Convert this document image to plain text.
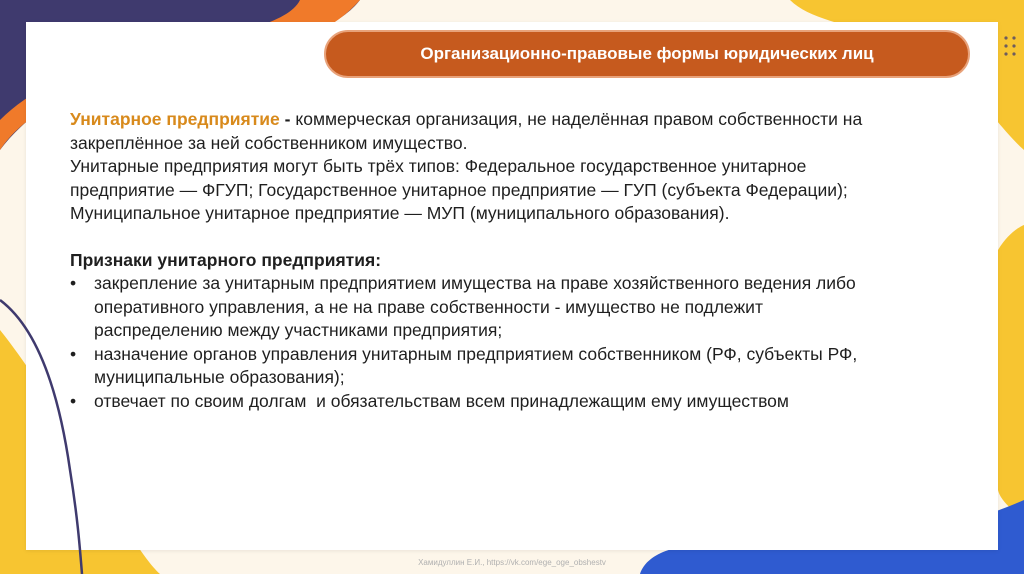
Организационно-правовые формы юридических лиц

Унитарное предприятие - коммерческая организация, не наделённая правом собственности на

закреплённое за ней собственником имущество.

Унитарные предприятия могут быть трёх типов: Федеральное государственное унитарное

предприятие — ФГУП; Государственное унитарное предприятие — ГУП (субъекта Федерации);

Муниципальное унитарное предприятие — МУП (муниципального образования).

Признаки унитарного предприятия:

• закрепление за унитарным предприятием имущества на праве хозяйственного ведения либо
оперативного управления, а не на праве собственности - имущество не подлежит
распределению между участниками предприятия;
• назначение органов управления унитарным предприятием собственником (РФ, субъекты РФ,
муниципальные образования);
• отвечает по своим долгам  и обязательствам всем принадлежащим ему имуществом
Хамидуллин Е.И., https://vk.com/ege_oge_obshestv
